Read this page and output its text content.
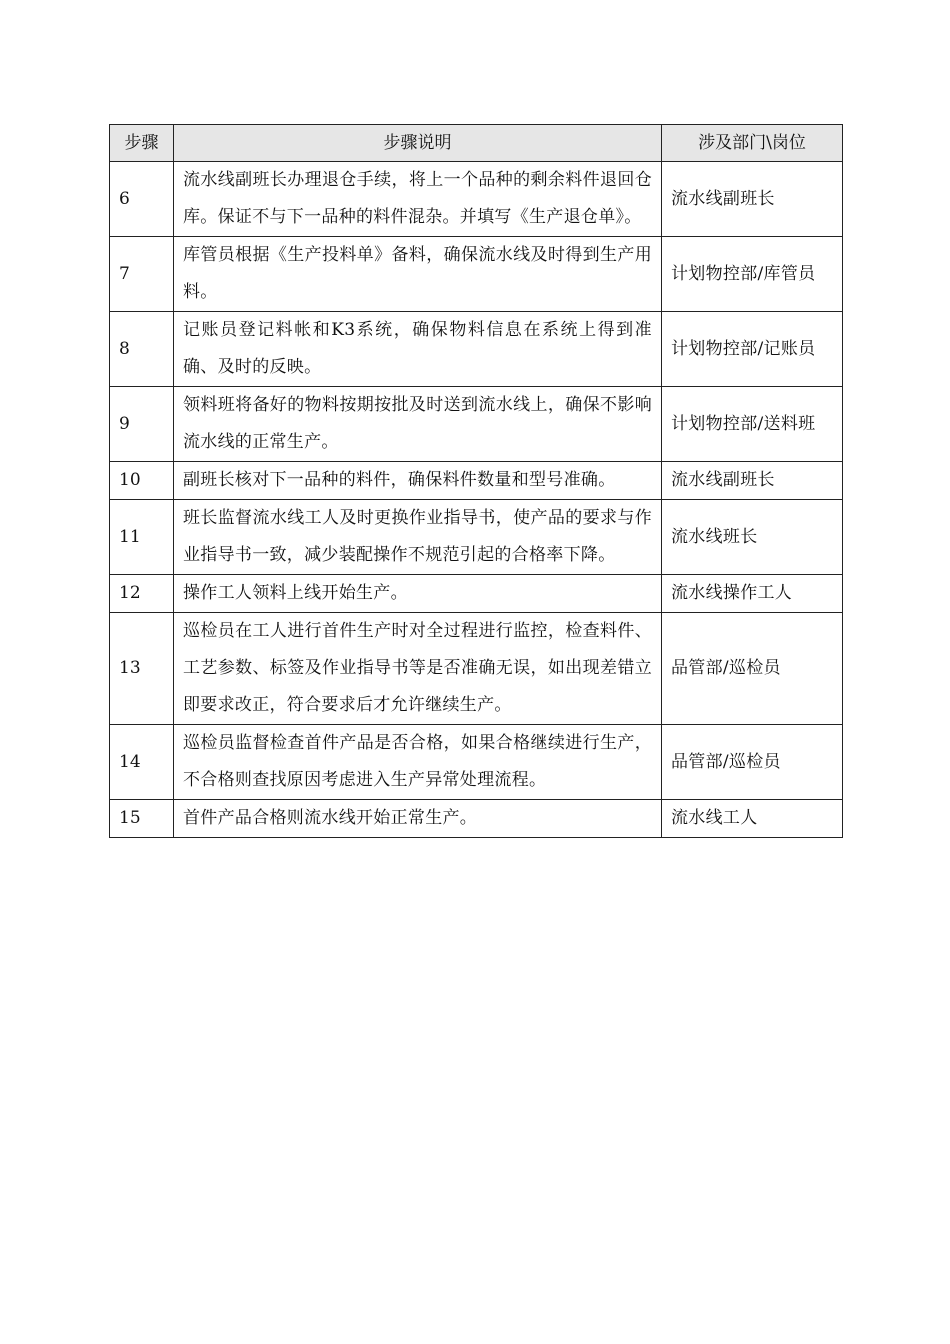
步骤	步骤说明	涉及部门\岗位
6	流水线副班长办理退仓手续，将上一个品种的剩余料件退回仓库。保证不与下一品种的料件混杂。并填写《生产退仓单》。	流水线副班长
7	库管员根据《生产投料单》备料，确保流水线及时得到生产用料。	计划物控部/库管员
8	记账员登记料帐和K3系统，确保物料信息在系统上得到准确、及时的反映。	计划物控部/记账员
9	领料班将备好的物料按期按批及时送到流水线上，确保不影响流水线的正常生产。	计划物控部/送料班
10	副班长核对下一品种的料件，确保料件数量和型号准确。	流水线副班长
11	班长监督流水线工人及时更换作业指导书，使产品的要求与作业指导书一致，减少装配操作不规范引起的合格率下降。	流水线班长
12	操作工人领料上线开始生产。	流水线操作工人
13	巡检员在工人进行首件生产时对全过程进行监控，检查料件、工艺参数、标签及作业指导书等是否准确无误，如出现差错立即要求改正，符合要求后才允许继续生产。	品管部/巡检员
14	巡检员监督检查首件产品是否合格，如果合格继续进行生产，不合格则查找原因考虑进入生产异常处理流程。	品管部/巡检员
15	首件产品合格则流水线开始正常生产。	流水线工人
